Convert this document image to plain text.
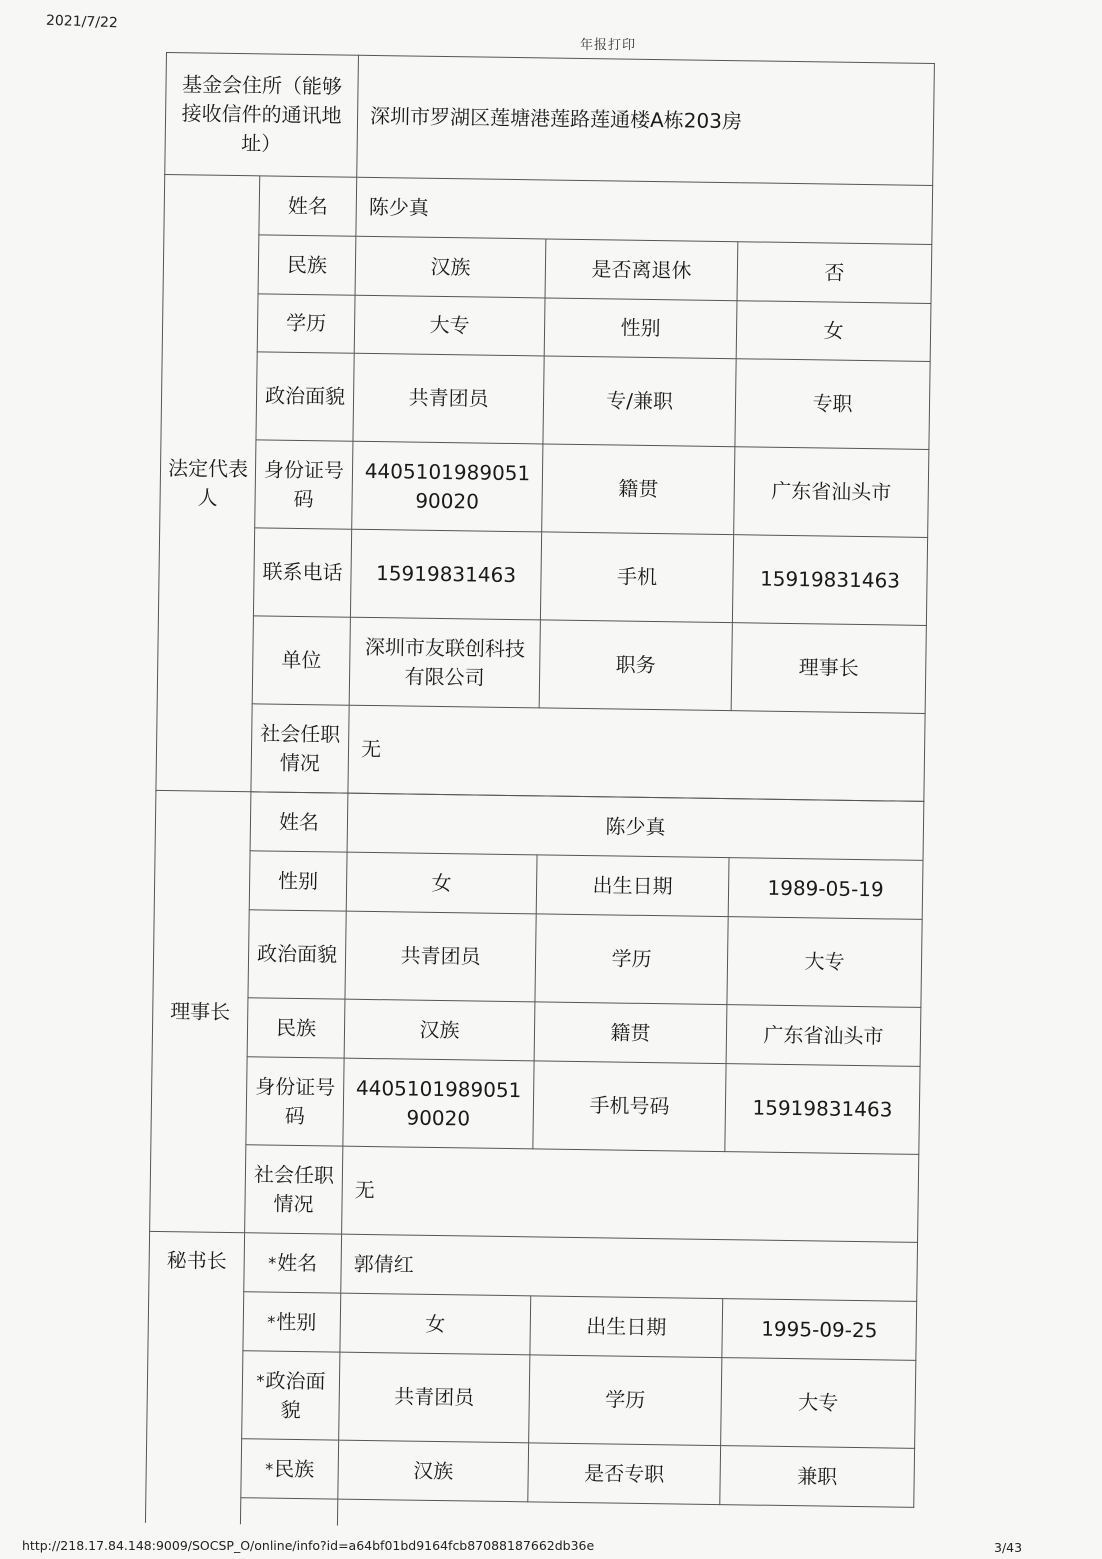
2021/7/22
年报打印
基金会住所（能够接收信件的通讯地址）		深圳市罗湖区莲塘港莲路莲通楼A栋203房		
法定代表人	姓名	陈少真		
	民族	汉族	是否离退休	否
	学历	大专	性别	女
	政治面貌	共青团员	专/兼职	专职
	身份证号码	440510198905190020	籍贯	广东省汕头市
	联系电话	15919831463	手机	15919831463
	单位	深圳市友联创科技有限公司	职务	理事长
	社会任职情况	无		

理事长	姓名	陈少真		
	性别	女	出生日期	1989-05-19
	政治面貌	共青团员	学历	大专
	民族	汉族	籍贯	广东省汕头市
	身份证号码	440510198905190020	手机号码	15919831463
	社会任职情况	无		
秘书长	*姓名	郭倩红		
	*性别	女	出生日期	1995-09-25
	*政治面貌	共青团员	学历	大专
	*民族	汉族	是否专职	兼职

http://218.17.84.148:9009/SOCSP_O/online/info?id=a64bf01bd9164fcb87088187662db36e	3/43
